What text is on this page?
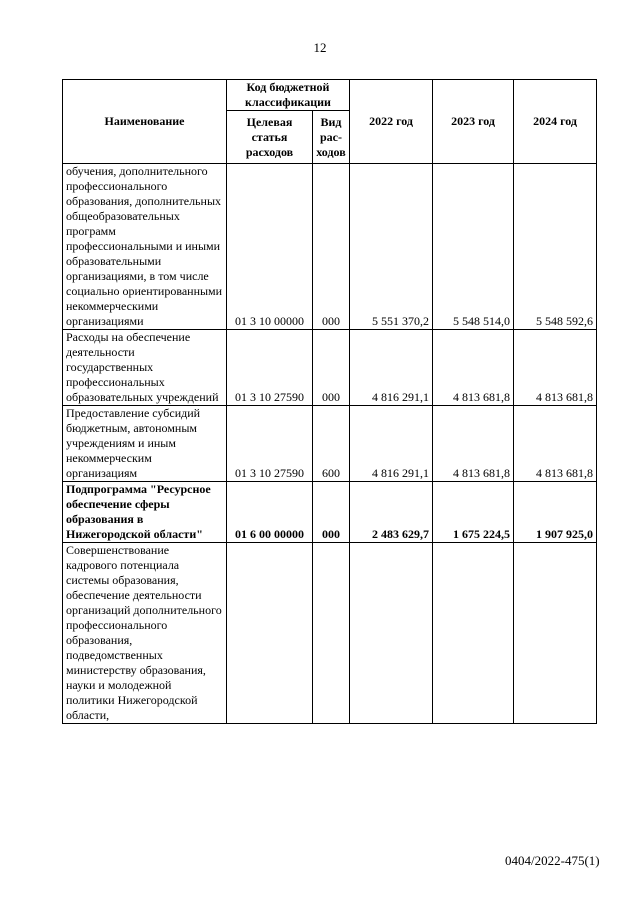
12
Наименование	Код бюджетной классификации		2022 год	2023 год	2024 год
	Целевая статья расходов	Вид рас- ходов			
обучения, дополнительного профессионального образования, дополнительных общеобразовательных программ профессиональными и иными образовательными организациями, в том числе социально ориентированными некоммерческими организациями	01 3 10 00000	000	5 551 370,2	5 548 514,0	5 548 592,6
Расходы на обеспечение деятельности государственных профессиональных образовательных учреждений	01 3 10 27590	000	4 816 291,1	4 813 681,8	4 813 681,8
Предоставление субсидий бюджетным, автономным учреждениям и иным некоммерческим организациям	01 3 10 27590	600	4 816 291,1	4 813 681,8	4 813 681,8
Подпрограмма "Ресурсное обеспечение сферы образования в Нижегородской области"	01 6 00 00000	000	2 483 629,7	1 675 224,5	1 907 925,0
Совершенствование кадрового потенциала системы образования, обеспечение деятельности организаций дополнительного профессионального образования, подведомственных министерству образования, науки и молодежной политики Нижегородской области,					
0404/2022-475(1)
